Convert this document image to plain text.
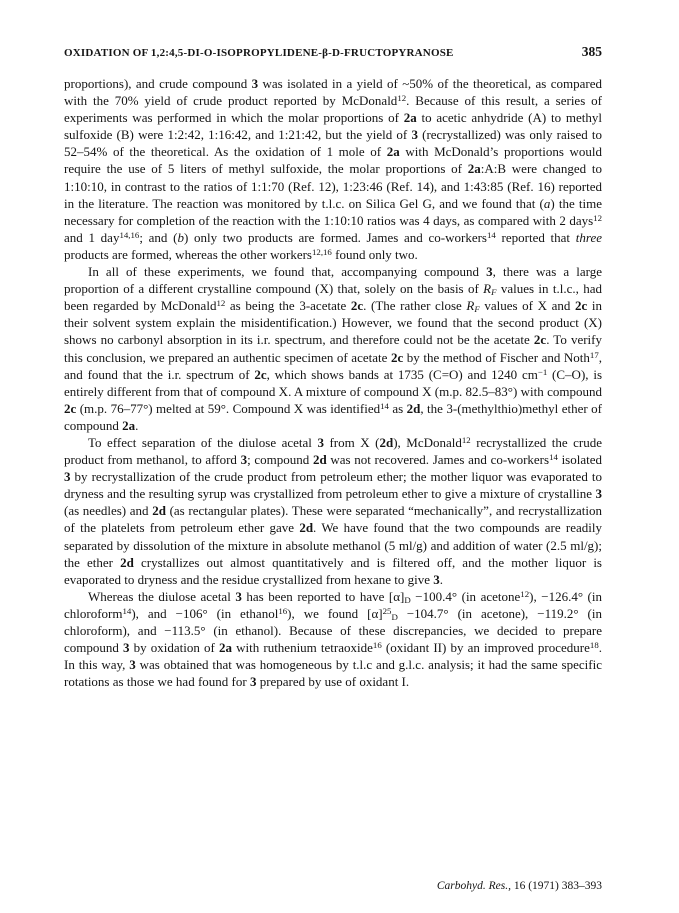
OXIDATION OF 1,2:4,5-DI-O-ISOPROPYLIDENE-β-D-FRUCTOPYRANOSE	385

proportions), and crude compound 3 was isolated in a yield of ~50% of the theoretical, as compared with the 70% yield of crude product reported by McDonald$^{12}$. Because of this result, a series of experiments was performed in which the molar proportions of 2a to acetic anhydride (A) to methyl sulfoxide (B) were 1:2:42, 1:16:42, and 1:21:42, but the yield of 3 (recrystallized) was only raised to 52–54% of the theoretical. As the oxidation of 1 mole of 2a with McDonald’s proportions would require the use of 5 liters of methyl sulfoxide, the molar proportions of 2a:A:B were changed to 1:10:10, in contrast to the ratios of 1:1:70 (Ref. 12), 1:23:46 (Ref. 14), and 1:43:85 (Ref. 16) reported in the literature. The reaction was monitored by t.l.c. on Silica Gel G, and we found that (a) the time necessary for completion of the reaction with the 1:10:10 ratios was 4 days, as compared with 2 days$^{12}$ and 1 day$^{14,16}$; and (b) only two products are formed. James and co-workers$^{14}$ reported that three products are formed, whereas the other workers$^{12,16}$ found only two.

In all of these experiments, we found that, accompanying compound 3, there was a large proportion of a different crystalline compound (X) that, solely on the basis of $R_F$ values in t.l.c., had been regarded by McDonald$^{12}$ as being the 3-acetate 2c. (The rather close $R_F$ values of X and 2c in their solvent system explain the misidentification.) However, we found that the second product (X) shows no carbonyl absorption in its i.r. spectrum, and therefore could not be the acetate 2c. To verify this conclusion, we prepared an authentic specimen of acetate 2c by the method of Fischer and Noth$^{17}$, and found that the i.r. spectrum of 2c, which shows bands at 1735 (C=O) and 1240 $cm^{-1}$ (C–O), is entirely different from that of compound X. A mixture of compound X (m.p. 82.5–83°) with compound 2c (m.p. 76–77°) melted at 59°. Compound X was identified$^{14}$ as 2d, the 3-(methylthio)methyl ether of compound 2a.

To effect separation of the diulose acetal 3 from X (2d), McDonald$^{12}$ recrystallized the crude product from methanol, to afford 3; compound 2d was not recovered. James and co-workers$^{14}$ isolated 3 by recrystallization of the crude product from petroleum ether; the mother liquor was evaporated to dryness and the resulting syrup was crystallized from petroleum ether to give a mixture of crystalline 3 (as needles) and 2d (as rectangular plates). These were separated “mechanically”, and recrystallization of the platelets from petroleum ether gave 2d. We have found that the two compounds are readily separated by dissolution of the mixture in absolute methanol (5 ml/g) and addition of water (2.5 ml/g); the ether 2d crystallizes out almost quantitatively and is filtered off, and the mother liquor is evaporated to dryness and the residue crystallized from hexane to give 3.

Whereas the diulose acetal 3 has been reported to have $[\alpha]_D -100.4^\circ$ (in acetone$^{12}$), −126.4° (in chloroform$^{14}$), and −106° (in ethanol$^{16}$), we found $[\alpha]^{25}_D -104.7^\circ$ (in acetone), −119.2° (in chloroform), and −113.5° (in ethanol). Because of these discrepancies, we decided to prepare compound 3 by oxidation of 2a with ruthenium tetraoxide$^{16}$ (oxidant II) by an improved procedure$^{18}$. In this way, 3 was obtained that was homogeneous by t.l.c and g.l.c. analysis; it had the same specific rotations as those we had found for 3 prepared by use of oxidant I.

Carbohyd. Res., 16 (1971) 383–393
